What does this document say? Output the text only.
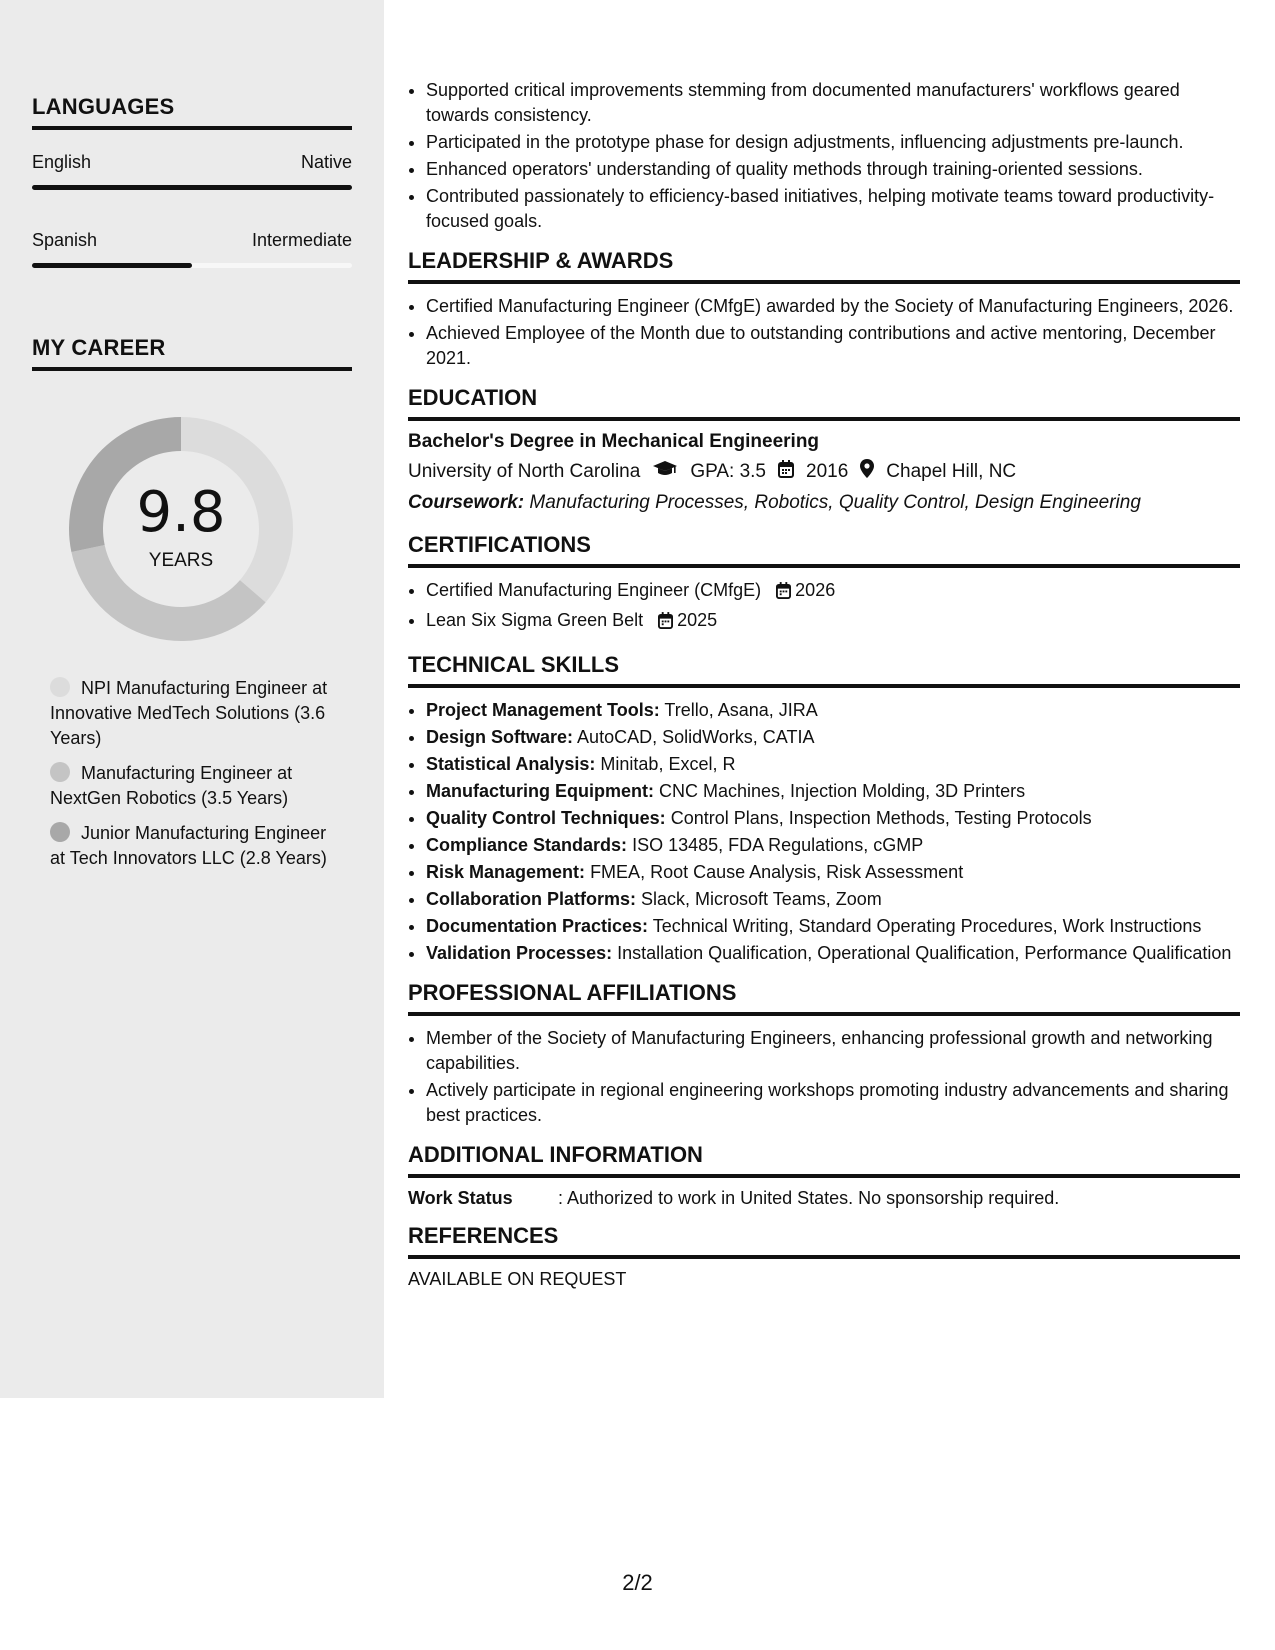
LANGUAGES
English	Native
Spanish	Intermediate
MY CAREER
9.8
YEARS
NPI Manufacturing Engineer at Innovative MedTech Solutions (3.6 Years)
Manufacturing Engineer at NextGen Robotics (3.5 Years)
Junior Manufacturing Engineer at Tech Innovators LLC (2.8 Years)
• Supported critical improvements stemming from documented manufacturers' workflows geared towards consistency.
• Participated in the prototype phase for design adjustments, influencing adjustments pre-launch.
• Enhanced operators' understanding of quality methods through training-oriented sessions.
• Contributed passionately to efficiency-based initiatives, helping motivate teams toward productivity-focused goals.
LEADERSHIP & AWARDS
• Certified Manufacturing Engineer (CMfgE) awarded by the Society of Manufacturing Engineers, 2026.
• Achieved Employee of the Month due to outstanding contributions and active mentoring, December 2021.
EDUCATION
Bachelor's Degree in Mechanical Engineering
University of North Carolina	GPA: 3.5 2016 Chapel Hill, NC
Coursework: Manufacturing Processes, Robotics, Quality Control, Design Engineering
CERTIFICATIONS
• Certified Manufacturing Engineer (CMfgE) 2026
• Lean Six Sigma Green Belt 2025
TECHNICAL SKILLS
• Project Management Tools: Trello, Asana, JIRA
• Design Software: AutoCAD, SolidWorks, CATIA
• Statistical Analysis: Minitab, Excel, R
• Manufacturing Equipment: CNC Machines, Injection Molding, 3D Printers
• Quality Control Techniques: Control Plans, Inspection Methods, Testing Protocols
• Compliance Standards: ISO 13485, FDA Regulations, cGMP
• Risk Management: FMEA, Root Cause Analysis, Risk Assessment
• Collaboration Platforms: Slack, Microsoft Teams, Zoom
• Documentation Practices: Technical Writing, Standard Operating Procedures, Work Instructions
• Validation Processes: Installation Qualification, Operational Qualification, Performance Qualification
PROFESSIONAL AFFILIATIONS
• Member of the Society of Manufacturing Engineers, enhancing professional growth and networking capabilities.
• Actively participate in regional engineering workshops promoting industry advancements and sharing best practices.
ADDITIONAL INFORMATION
Work Status	: Authorized to work in United States. No sponsorship required.
REFERENCES
AVAILABLE ON REQUEST
2/2
